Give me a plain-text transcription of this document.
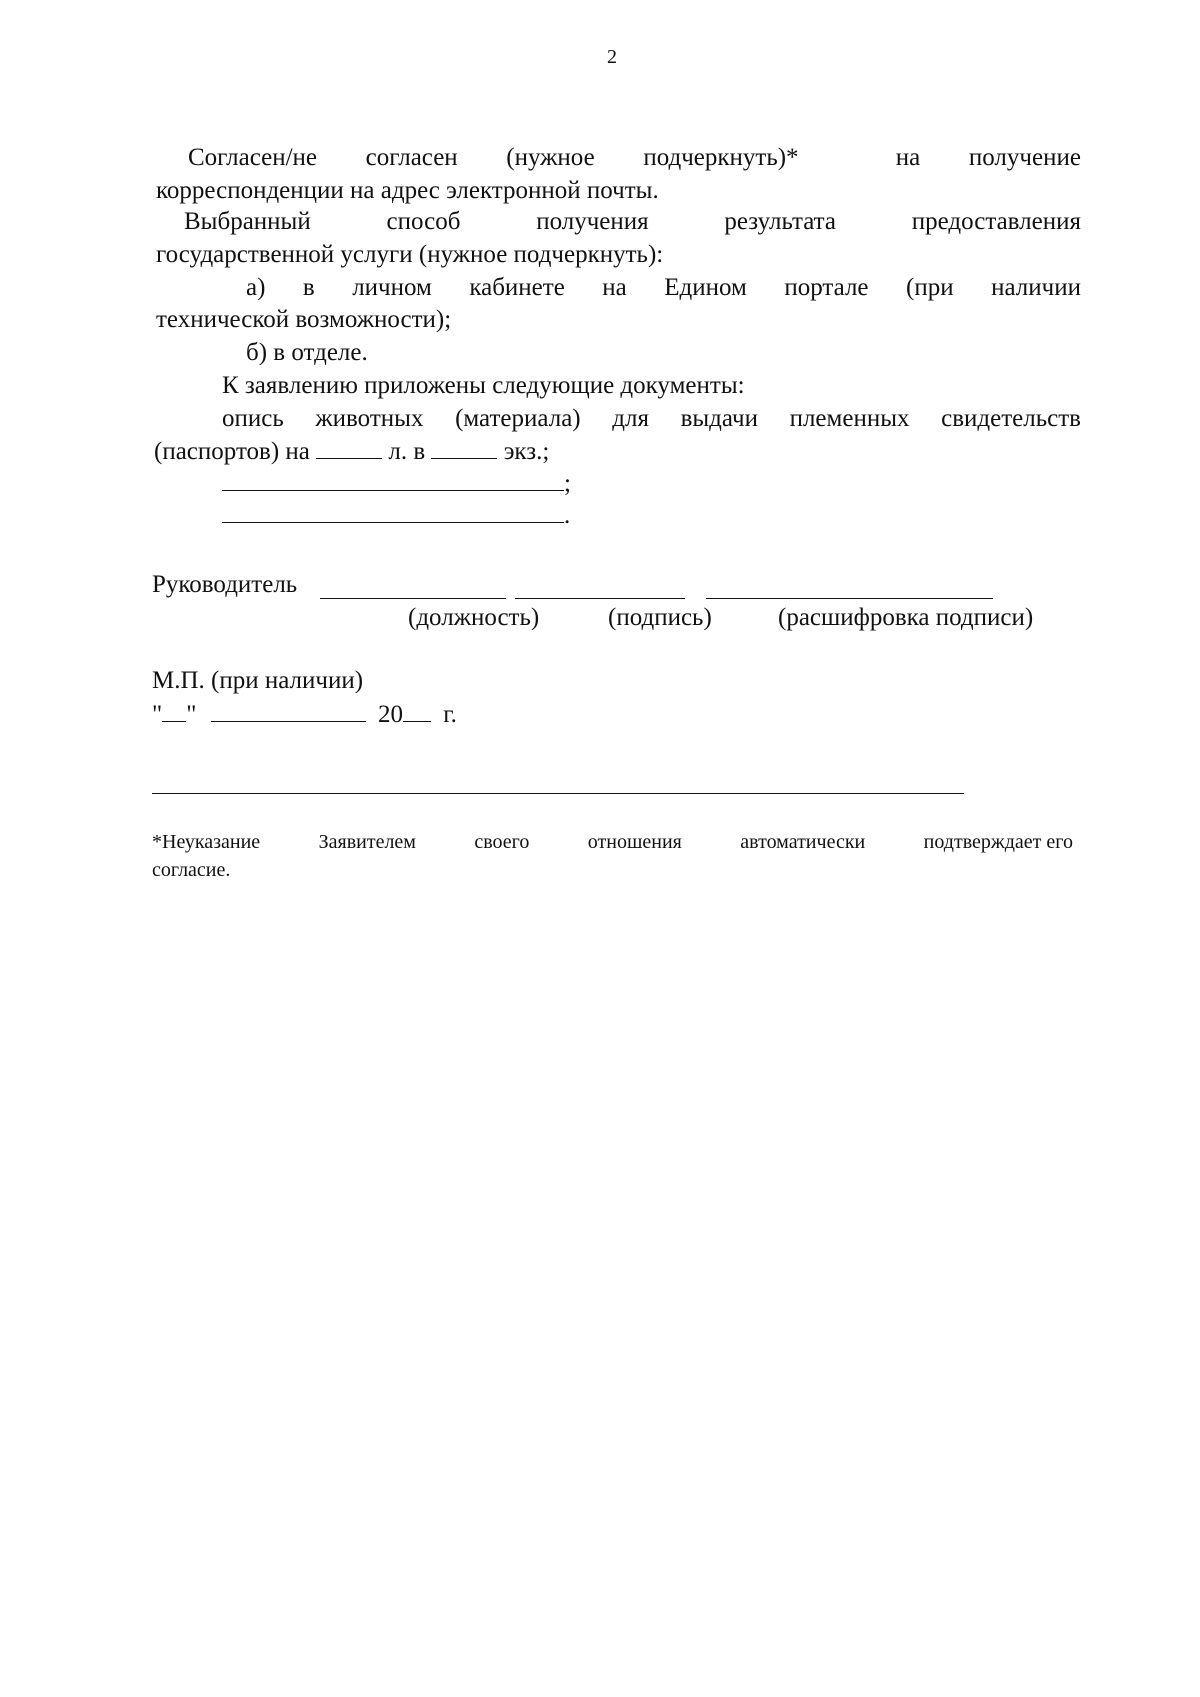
2
Согласен/не согласен (нужное подчеркнуть)*	на получение
корреспонденции на адрес электронной почты.
Выбранный	способ	получения	результата	предоставления
государственной услуги (нужное подчеркнуть):
а) в личном кабинете на Едином портале (при наличии
технической возможности);
б) в отделе.
К заявлению приложены следующие документы:
опись животных (материала) для выдачи племенных свидетельств
(паспортов) на	л. в	экз.;
;
.
Руководитель
(должность)	(подпись)	(расшифровка подписи)
М.П. (при наличии)
" "	20 г.
*Неуказание	Заявителем	своего	отношения	автоматически	подтверждает его
согласие.
